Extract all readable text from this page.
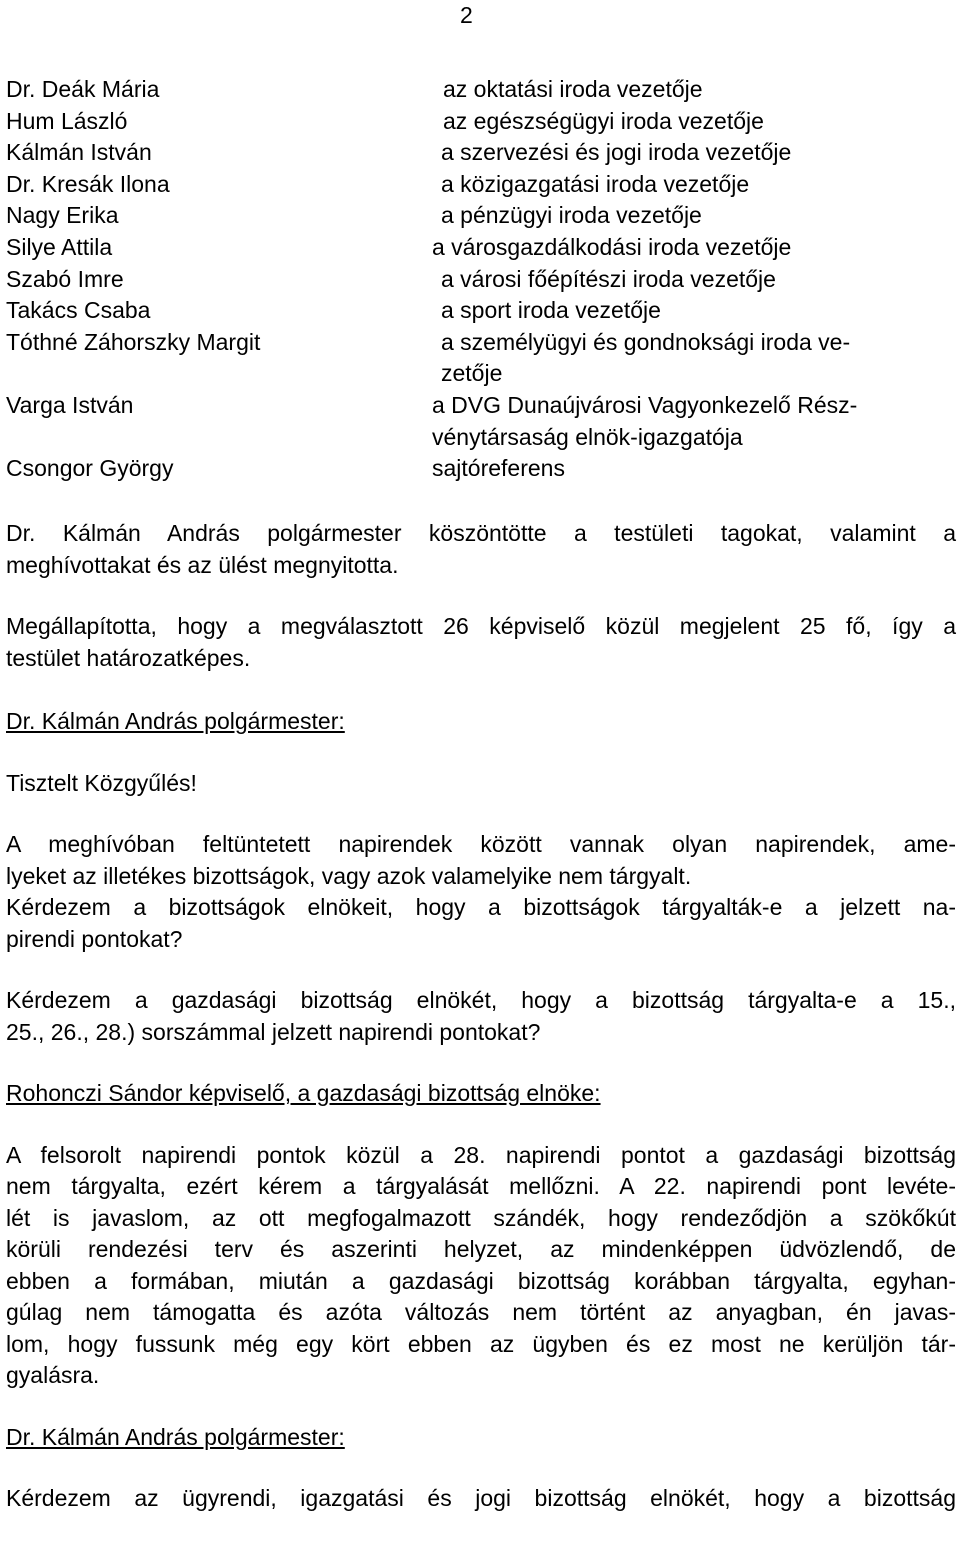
2
Dr. Deák Mária	az oktatási iroda vezetője
Hum László	az egészségügyi iroda vezetője
Kálmán István	a szervezési és jogi iroda vezetője
Dr. Kresák Ilona	a közigazgatási iroda vezetője
Nagy Erika	a pénzügyi iroda vezetője
Silye Attila	a városgazdálkodási iroda vezetője
Szabó Imre	a városi főépítészi iroda vezetője
Takács Csaba	a sport iroda vezetője
Tóthné Záhorszky Margit	a személyügyi és gondnoksági iroda ve-
zetője
Varga István	a DVG Dunaújvárosi Vagyonkezelő Rész-
vénytársaság elnök-igazgatója
Csongor György	sajtóreferens

Dr. Kálmán András polgármester köszöntötte a testületi tagokat, valamint a
meghívottakat és az ülést megnyitotta.

Megállapította, hogy a megválasztott 26 képviselő közül megjelent 25 fő, így a
testület határozatképes.

Dr. Kálmán András polgármester:

Tisztelt Közgyűlés!

A meghívóban feltüntetett napirendek között vannak olyan napirendek, ame-
lyeket az illetékes bizottságok, vagy azok valamelyike nem tárgyalt.
Kérdezem a bizottságok elnökeit, hogy a bizottságok tárgyalták-e a jelzett na-
pirendi pontokat?

Kérdezem a gazdasági bizottság elnökét, hogy a bizottság tárgyalta-e a 15.,
25., 26., 28.) sorszámmal jelzett napirendi pontokat?

Rohonczi Sándor képviselő, a gazdasági bizottság elnöke:

A felsorolt napirendi pontok közül a 28. napirendi pontot a gazdasági bizottság
nem tárgyalta, ezért kérem a tárgyalását mellőzni. A 22. napirendi pont levéte-
lét is javaslom, az ott megfogalmazott szándék, hogy rendeződjön a szökőkút
körüli rendezési terv és aszerinti helyzet, az mindenképpen üdvözlendő, de
ebben a formában, miután a gazdasági bizottság korábban tárgyalta, egyhan-
gúlag nem támogatta és azóta változás nem történt az anyagban, én javas-
lom, hogy fussunk még egy kört ebben az ügyben és ez most ne kerüljön tár-
gyalásra.

Dr. Kálmán András polgármester:

Kérdezem az ügyrendi, igazgatási és jogi bizottság elnökét, hogy a bizottság
